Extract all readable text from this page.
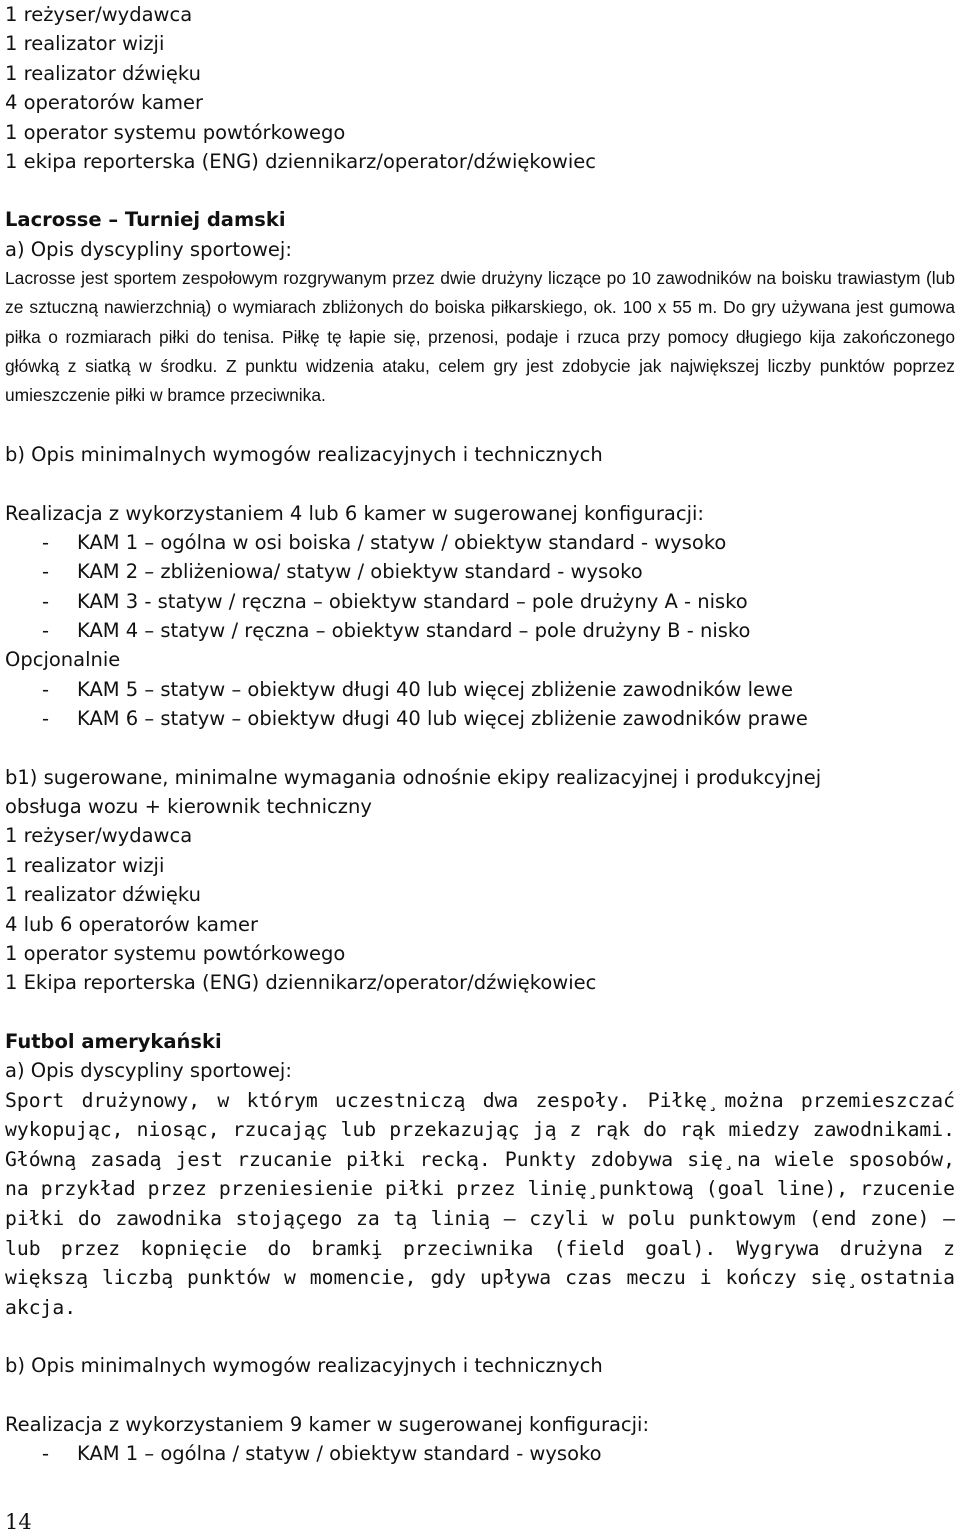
1 reżyser/wydawca
1 realizator wizji
1 realizator dźwięku
4 operatorów kamer
1 operator systemu powtórkowego
1 ekipa reporterska (ENG) dziennikarz/operator/dźwiękowiec
Lacrosse – Turniej damski
a) Opis dyscypliny sportowej:
Lacrosse jest sportem zespołowym rozgrywanym przez dwie drużyny liczące po 10 zawodników na boisku trawiastym (lub ze sztuczną nawierzchnią) o wymiarach zbliżonych do boiska piłkarskiego, ok. 100 x 55 m. Do gry używana jest gumowa piłka o rozmiarach piłki do tenisa. Piłkę tę łapie się, przenosi, podaje i rzuca przy pomocy długiego kija zakończonego główką z siatką w środku. Z punktu widzenia ataku, celem gry jest zdobycie jak największej liczby punktów poprzez umieszczenie piłki w bramce przeciwnika.
b) Opis minimalnych wymogów realizacyjnych i technicznych
Realizacja z wykorzystaniem 4 lub 6 kamer w sugerowanej konfiguracji:
-	KAM 1 – ogólna w osi boiska / statyw / obiektyw standard - wysoko
-	KAM 2 – zbliżeniowa/ statyw / obiektyw standard - wysoko
-	KAM 3 - statyw / ręczna – obiektyw standard – pole drużyny A - nisko
-	KAM 4 – statyw / ręczna – obiektyw standard – pole drużyny B - nisko
Opcjonalnie
-	KAM 5 – statyw – obiektyw długi 40 lub więcej zbliżenie zawodników lewe
-	KAM 6 – statyw – obiektyw długi 40 lub więcej zbliżenie zawodników prawe
b1) sugerowane, minimalne wymagania odnośnie ekipy realizacyjnej i produkcyjnej
obsługa wozu + kierownik techniczny
1 reżyser/wydawca
1 realizator wizji
1 realizator dźwięku
4 lub 6 operatorów kamer
1 operator systemu powtórkowego
1 Ekipa reporterska (ENG) dziennikarz/operator/dźwiękowiec
Futbol amerykański
a) Opis dyscypliny sportowej:
Sport drużynowy, w którym uczestnicza̧ dwa zespoły. Piłkę̧ można przemieszczać́ wykopując, niosąc, rzucająç lub przekazująç ja̧ z rąk do rąk miedzy zawodnikami. Główna̧ zasada̧ jest rzucanie piłki recka̧. Punkty zdobywa się̧ na wiele sposobów, na przykład przez przeniesienie piłki przez linię̧ punktowa̧ (goal line), rzucenie piłki do zawodnika stojąçego za ta̧ linia̧ – czyli w polu punktowym (end zone) – lub przez kopnięcie do bramki̧ przeciwnika (field goal). Wygrywa drużyna z większa̧ liczba̧ punktów w momencie, gdy upływa czas meczu i kończy się̧ ostatnia akcja.
b) Opis minimalnych wymogów realizacyjnych i technicznych
Realizacja z wykorzystaniem 9 kamer w sugerowanej konfiguracji:
-	KAM 1 – ogólna / statyw / obiektyw standard - wysoko
14
